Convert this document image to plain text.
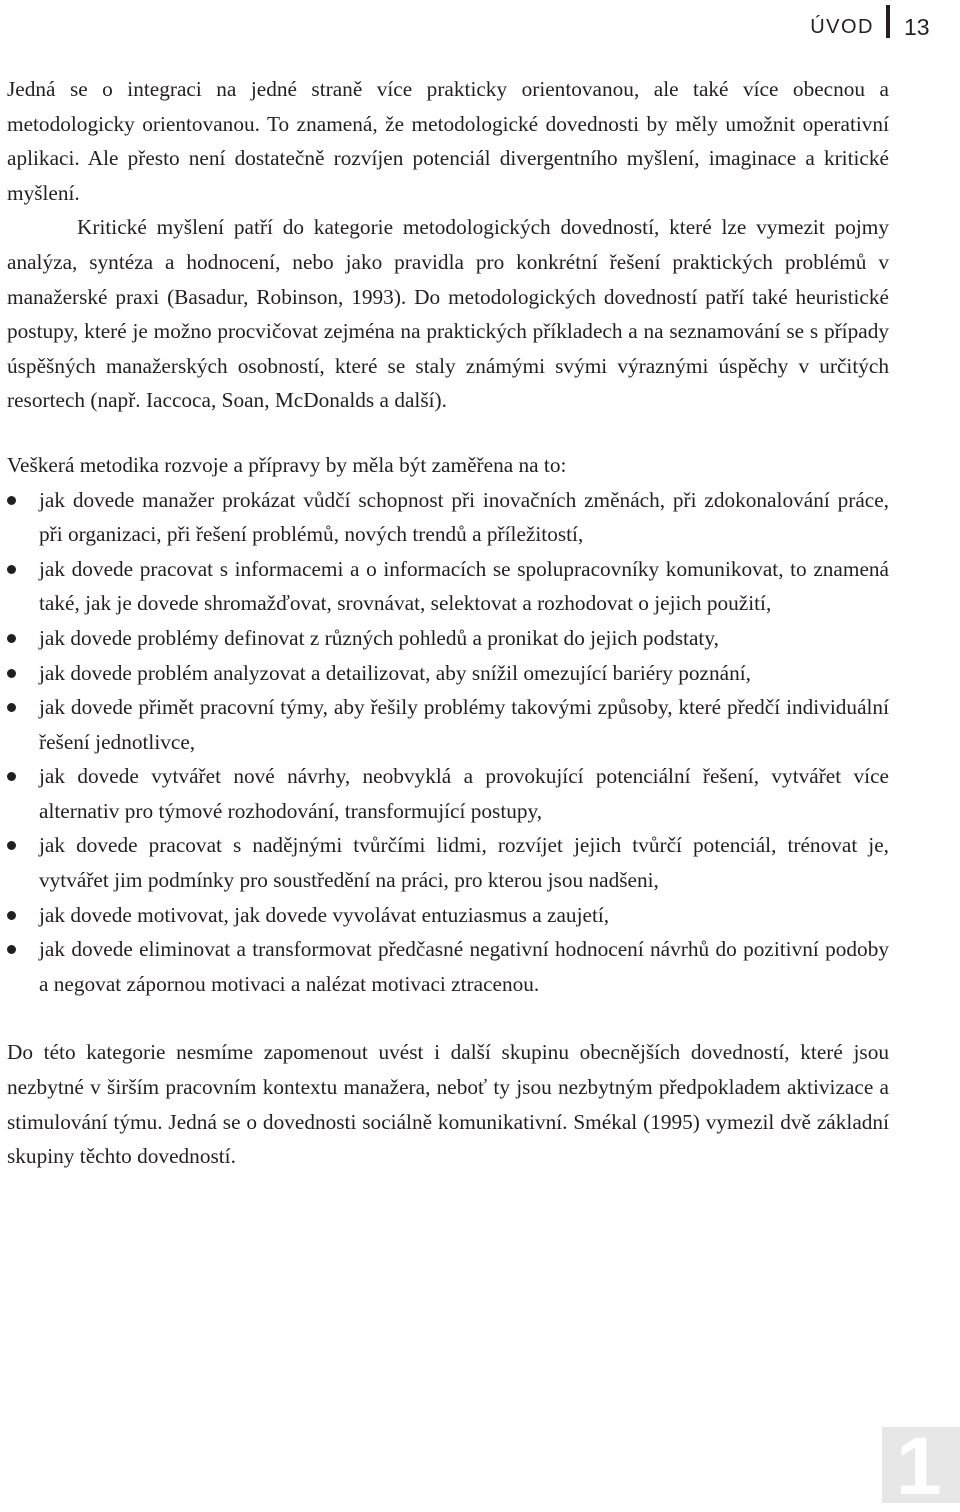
ÚVOD 13

Jedná se o integraci na jedné straně více prakticky orientovanou, ale také více obecnou a metodologicky orientovanou. To znamená, že metodologické dovednosti by měly umožnit operativní aplikaci. Ale přesto není dostatečně rozvíjen potenciál divergentního myšlení, imaginace a kritické myšlení.

Kritické myšlení patří do kategorie metodologických dovedností, které lze vymezit pojmy analýza, syntéza a hodnocení, nebo jako pravidla pro konkrétní řešení praktických problémů v manažerské praxi (Basadur, Robinson, 1993). Do metodologických dovedností patří také heuristické postupy, které je možno procvičovat zejména na praktických příkladech a na seznamování se s případy úspěšných manažerských osobností, které se staly známými svými výraznými úspěchy v určitých resortech (např. Iaccoca, Soan, McDonalds a další).

Veškerá metodika rozvoje a přípravy by měla být zaměřena na to:

jak dovede manažer prokázat vůdčí schopnost při inovačních změnách, při zdokonalování práce, při organizaci, při řešení problémů, nových trendů a příležitostí,
jak dovede pracovat s informacemi a o informacích se spolupracovníky komunikovat, to znamená také, jak je dovede shromažďovat, srovnávat, selektovat a rozhodovat o jejich použití,
jak dovede problémy definovat z různých pohledů a pronikat do jejich podstaty,
jak dovede problém analyzovat a detailizovat, aby snížil omezující bariéry poznání,
jak dovede přimět pracovní týmy, aby řešily problémy takovými způsoby, které předčí individuální řešení jednotlivce,
jak dovede vytvářet nové návrhy, neobvyklá a provokující potenciální řešení, vytvářet více alternativ pro týmové rozhodování, transformující postupy,
jak dovede pracovat s nadějnými tvůrčími lidmi, rozvíjet jejich tvůrčí potenciál, trénovat je, vytvářet jim podmínky pro soustředění na práci, pro kterou jsou nadšeni,
jak dovede motivovat, jak dovede vyvolávat entuziasmus a zaujetí,
jak dovede eliminovat a transformovat předčasné negativní hodnocení návrhů do pozitivní podoby a negovat zápornou motivaci a nalézat motivaci ztracenou.

Do této kategorie nesmíme zapomenout uvést i další skupinu obecnějších dovedností, které jsou nezbytné v širším pracovním kontextu manažera, neboť ty jsou nezbytným předpokladem aktivizace a stimulování týmu. Jedná se o dovednosti sociálně komunikativní. Smékal (1995) vymezil dvě základní skupiny těchto dovedností.

1
